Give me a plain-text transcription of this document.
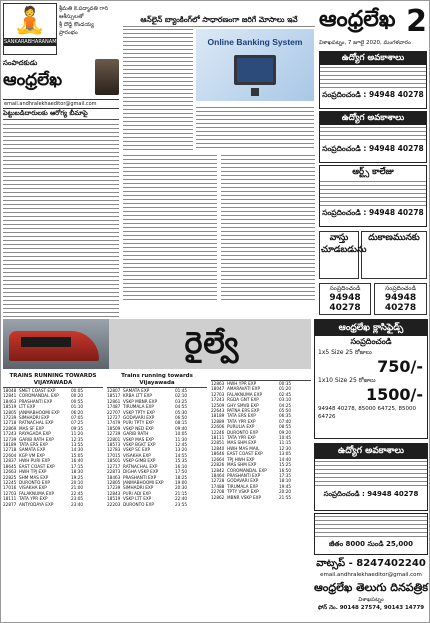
🧘
SANKARABHARANAM
శ్రీమతి కె.పద్మావతి గారి
ఆశీస్సులతో
శ్రీ దొడ్డి కొండయ్య
ప్రారంభం
సంపాదకుడు
ఆంధ్రలేఖ
email.andhralekhaeditor@gmail.com
పెట్టుబడిదారులకు ఆరోగ్య బీమాపై
ఆన్‌లైన్ బ్యాంకింగ్‌లో సాధారణంగా జరిగే మోసాలు ఇవే
Online Banking System
ఆంధ్రలేఖ 2
విశాఖపట్నం, 7 జూలై 2020, మంగళవారం
ఉద్యోగ అవకాశాలు
సంప్రదించండి : 94948 40278
ఉద్యోగ అవకాశాలు
సంప్రదించండి : 94948 40278
ఆర్ట్స్ కాలేజు
సంప్రదించండి : 94948 40278
వాస్తు చూడబడును
దుకాణమునకు
సంప్రదించండి
94948 40278
సంప్రదించండి
94948 40278
రైల్వే	ఆంధ్రలేఖ క్లాసిఫైడ్స్
సంప్రదించండి
1x5 Size 25 రోజులు
750/-
1x10 Size 25 రోజులు
1500/-
94948 40278, 85000 64725, 85000 64726
TRAINS RUNNING TOWARDS VIJAYAWADA
18048 SMET COAST EXP	00:05
12841 COROMANDAL EXP	00:20
18463 PRASHANTI EXP	00:55
18519 LTT EXP	01:10
12805 JANMABHOOMI EXP	06:20
17239 SIMHADRI EXP	07:05
12718 RATNACHAL EXP	07:25
22869 MAS SF EXP	09:35
17243 RAYAGADA EXP	11:20
12739 GARIB RATH EXP	12:35
18189 TATA ERS EXP	13:55
12718 SAMATA EXP	14:30
22604 KGP VM EXP	15:05
12837 HWH PURI EXP	16:40
18645 EAST COAST EXP	17:15
12663 HWH TPJ EXP	18:30
22825 SHM MAS EXP	19:25
12245 DURONTO EXP	20:10
17016 VISAKHA EXP	21:00
12703 FALAKNUMA EXP	22:45
18111 TATA YPR EXP	23:05
22877 ANTYODAYA EXP	23:40
Trains running towards Vijayawada
12807 SAMATA EXP	01:45
18517 KRBA LTT EXP	02:10
12861 VSKP MBNR EXP	03:25
17487 TIRUMALA EXP	04:55
22707 VSKP TPTY EXP	05:30
12727 GODAVARI EXP	06:50
17479 PURI TPTY EXP	08:15
18509 VSKP NED EXP	09:40
12739 GARIB RATH	10:05
22801 VSKP MAS EXP	11:30
18573 VSKP BGKT EXP	12:45
12783 VSKP SC EXP	13:20
17015 VISAKHA EXP	14:55
18501 VSKP GIMB EXP	15:35
12717 RATNACHAL EXP	16:10
22873 DIGHA VSKP EXP	17:50
18463 PRASHANTI EXP	18:25
12805 JANMABHOOMI EXP	19:00
17239 SIMHADRI EXP	20:30
12843 PURI ADI EXP	21:15
18519 VSKP LTT EXP	22:40
22203 DURONTO EXP	23:55

12863 HWH YPR EXP	00:35
18047 AMARAVATI EXP	01:20
12703 FALAKNUMA EXP	02:45
17243 RGDA GNT EXP	03:10
12509 GHY SMVB EXP	04:25
22643 PATNA ERS EXP	05:50
18189 TATA ERS EXP	06:35
12889 TATA YPR EXP	07:40
22606 PURULIA EXP	08:55
12246 DURONTO EXP	09:20
18111 TATA YPR EXP	10:45
22851 MAS SHM EXP	11:15
12840 HWH MAS MAIL	12:30
18646 EAST COAST EXP	13:05
12664 TPJ HWH EXP	14:40
22826 MAS SHM EXP	15:25
12842 COROMANDAL EXP	16:50
18464 PRASHANTI EXP	17:35
12728 GODAVARI EXP	18:10
17488 TIRUMALA EXP	19:45
22708 TPTY VSKP EXP	20:20
12862 MBNR VSKP EXP	21:55
ఉద్యోగ అవకాశాలు
సంప్రదించండి : 94948 40278
జీతం 8000 నుండి 25,000
వాట్సప్ - 8247402240
email.andhralekhaeditor@gmail.com
ఆంధ్రలేఖ తెలుగు దినపత్రిక
విశాఖపట్నం
ఫోన్ నెం. 90148 27574, 90143 14779
